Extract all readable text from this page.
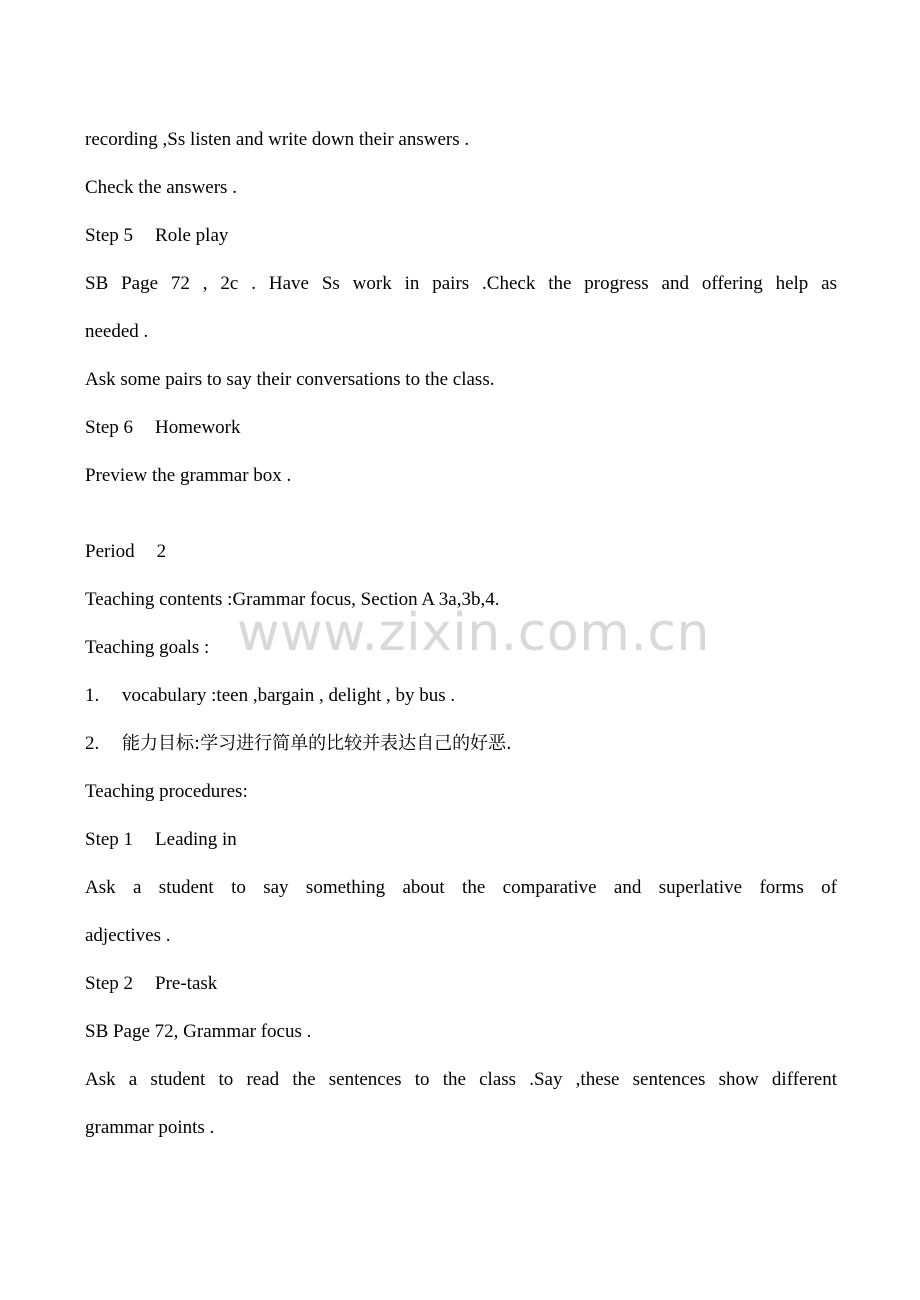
www.zixin.com.cn
recording ,Ss listen and write down their answers .
Check the answers .
Step 5 Role play
SB Page 72 , 2c . Have Ss work in pairs .Check the progress and offering help as
needed .
Ask some pairs to say their conversations to the class.
Step 6 Homework
Preview the grammar box .
Period 2
Teaching contents :Grammar focus, Section A 3a,3b,4.
Teaching goals :
1. vocabulary :teen ,bargain , delight , by bus .
2. 能力目标:学习进行简单的比较并表达自己的好恶.
Teaching procedures:
Step 1 Leading in
Ask a student to say something about the comparative and superlative forms of
adjectives .
Step 2 Pre-task
SB Page 72, Grammar focus .
Ask a student to read the sentences to the class .Say ,these sentences show different
grammar points .
